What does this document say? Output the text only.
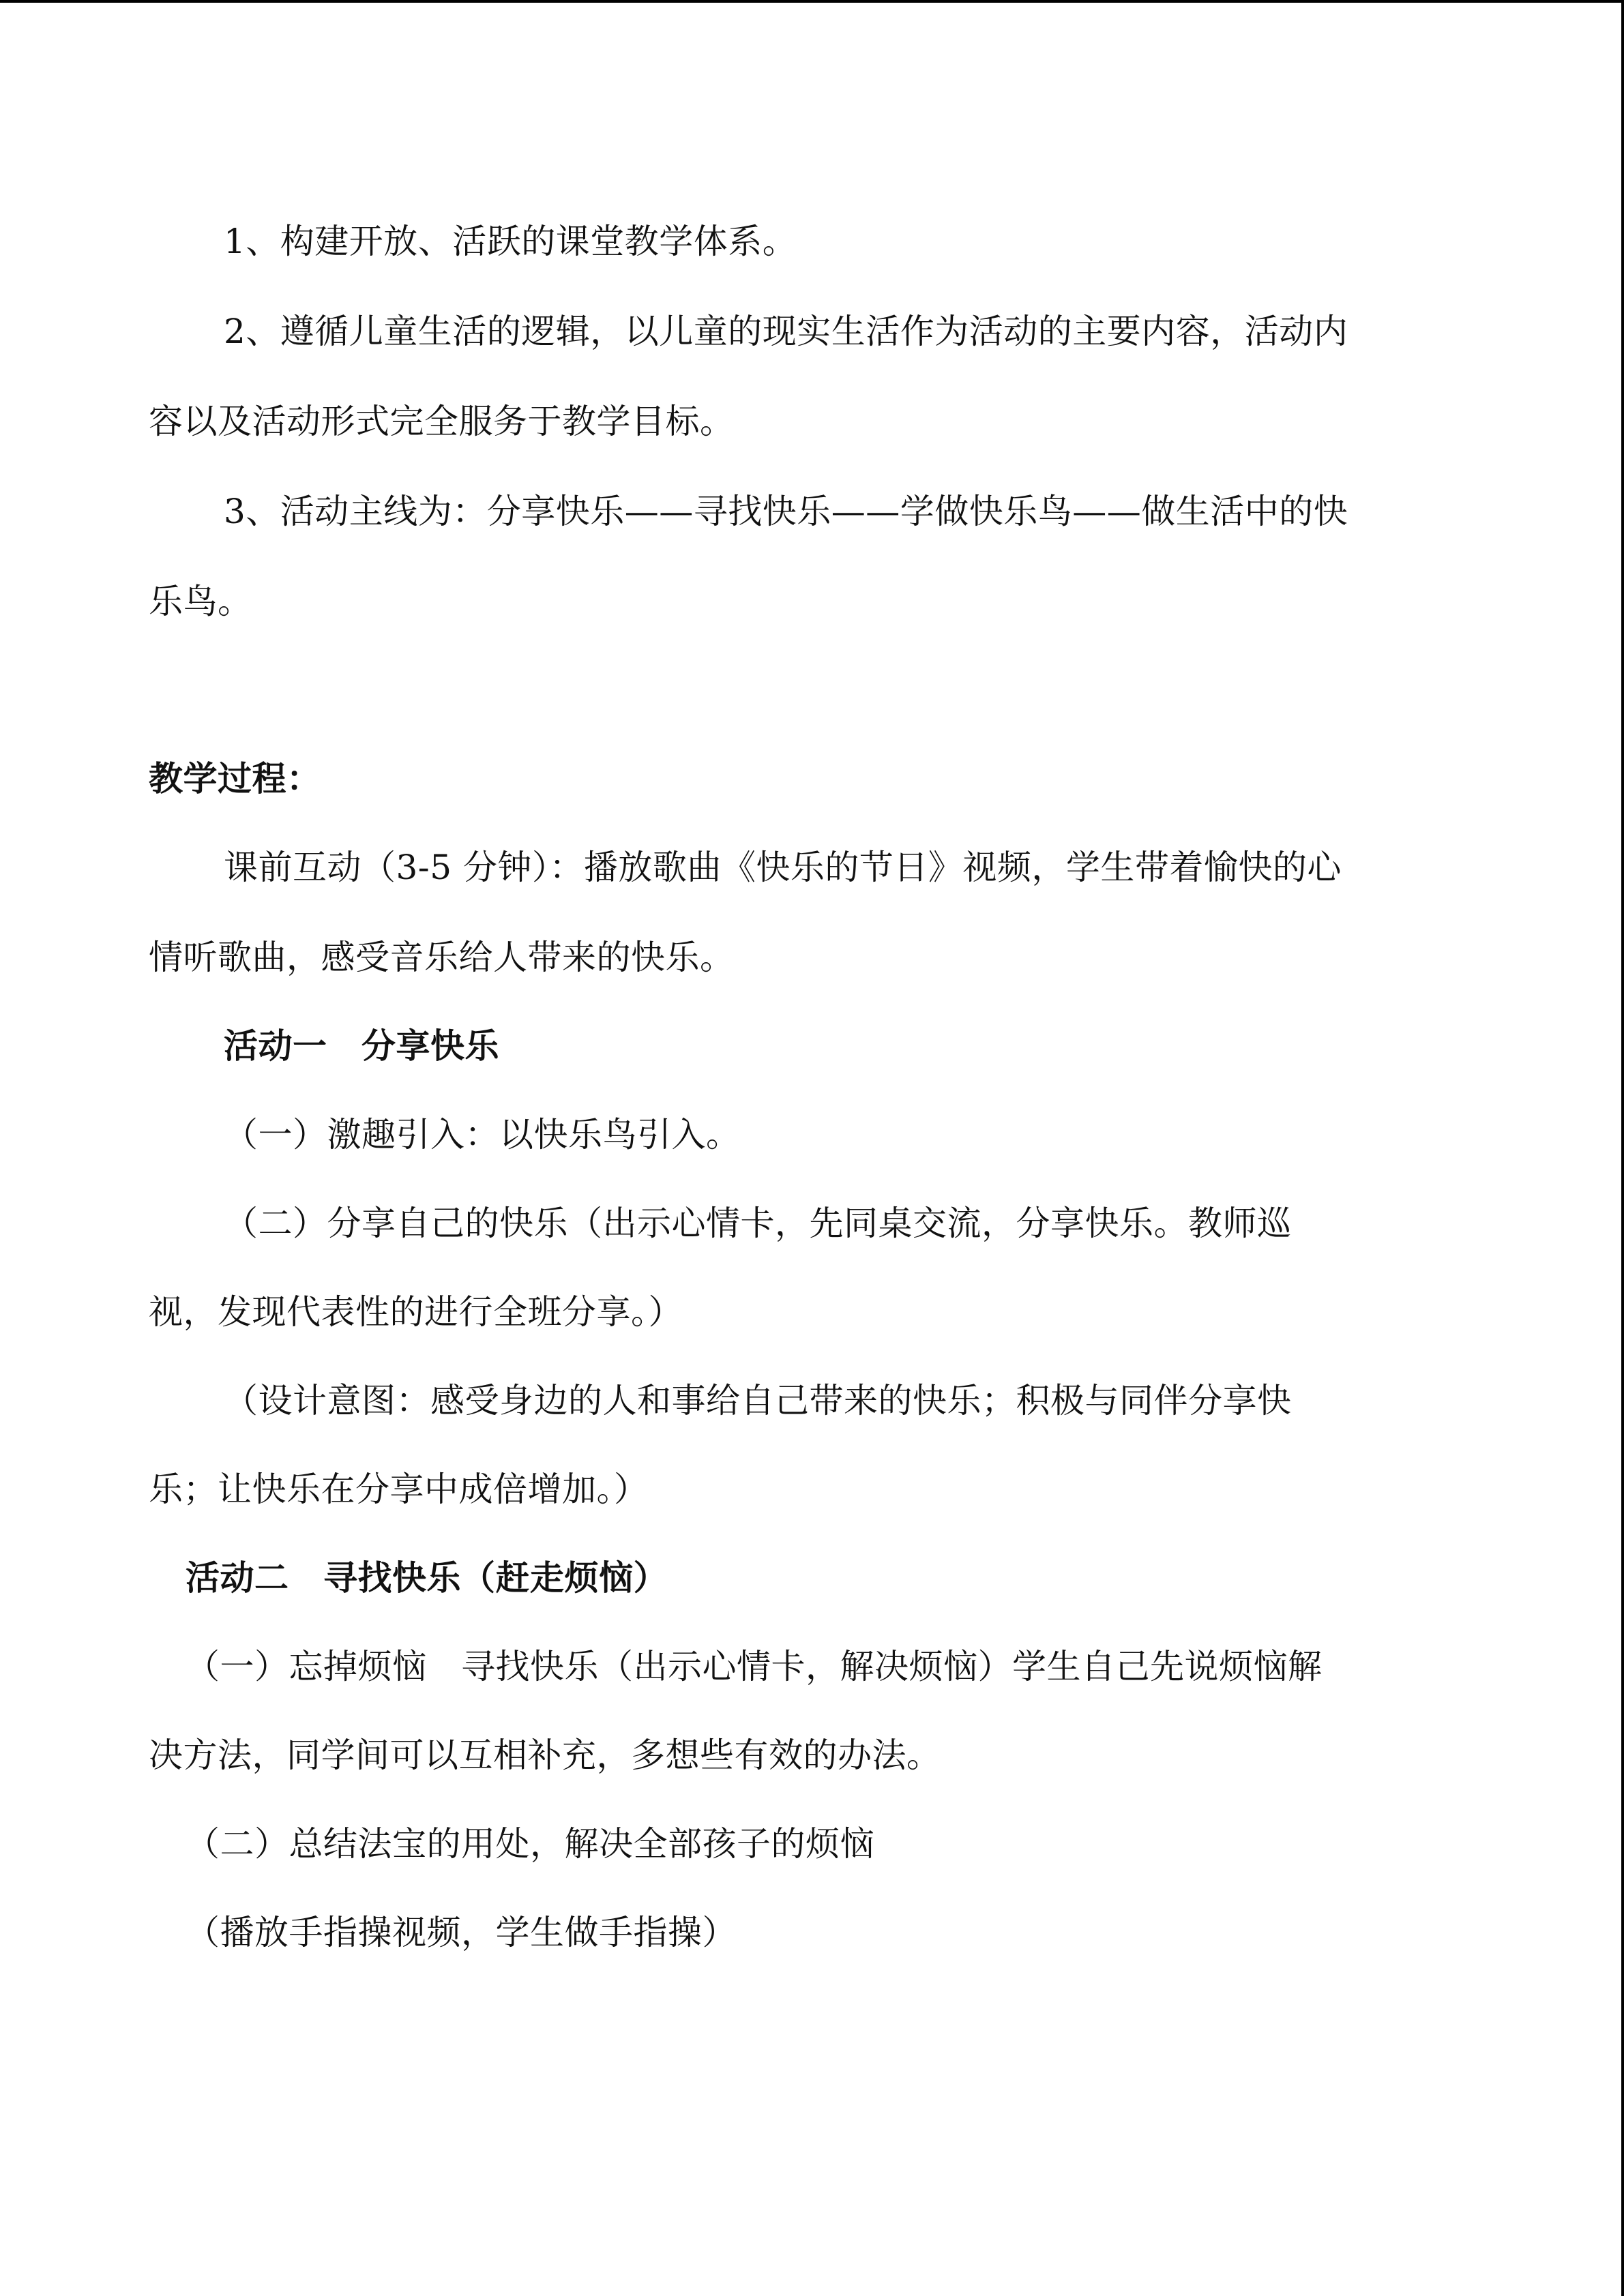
1、构建开放、活跃的课堂教学体系。
2、遵循儿童生活的逻辑，以儿童的现实生活作为活动的主要内容，活动内
容以及活动形式完全服务于教学目标。
3、活动主线为：分享快乐——寻找快乐——学做快乐鸟——做生活中的快
乐鸟。
教学过程：
课前互动（3-5 分钟）：播放歌曲《快乐的节日》视频，学生带着愉快的心
情听歌曲，感受音乐给人带来的快乐。
活动一　分享快乐
（一）激趣引入：以快乐鸟引入。
（二）分享自己的快乐（出示心情卡，先同桌交流，分享快乐。教师巡
视，发现代表性的进行全班分享。）
（设计意图：感受身边的人和事给自己带来的快乐；积极与同伴分享快
乐；让快乐在分享中成倍增加。）
活动二　寻找快乐（赶走烦恼）
（一）忘掉烦恼　寻找快乐（出示心情卡，解决烦恼）学生自己先说烦恼解
决方法，同学间可以互相补充，多想些有效的办法。
（二）总结法宝的用处，解决全部孩子的烦恼
（播放手指操视频，学生做手指操）
